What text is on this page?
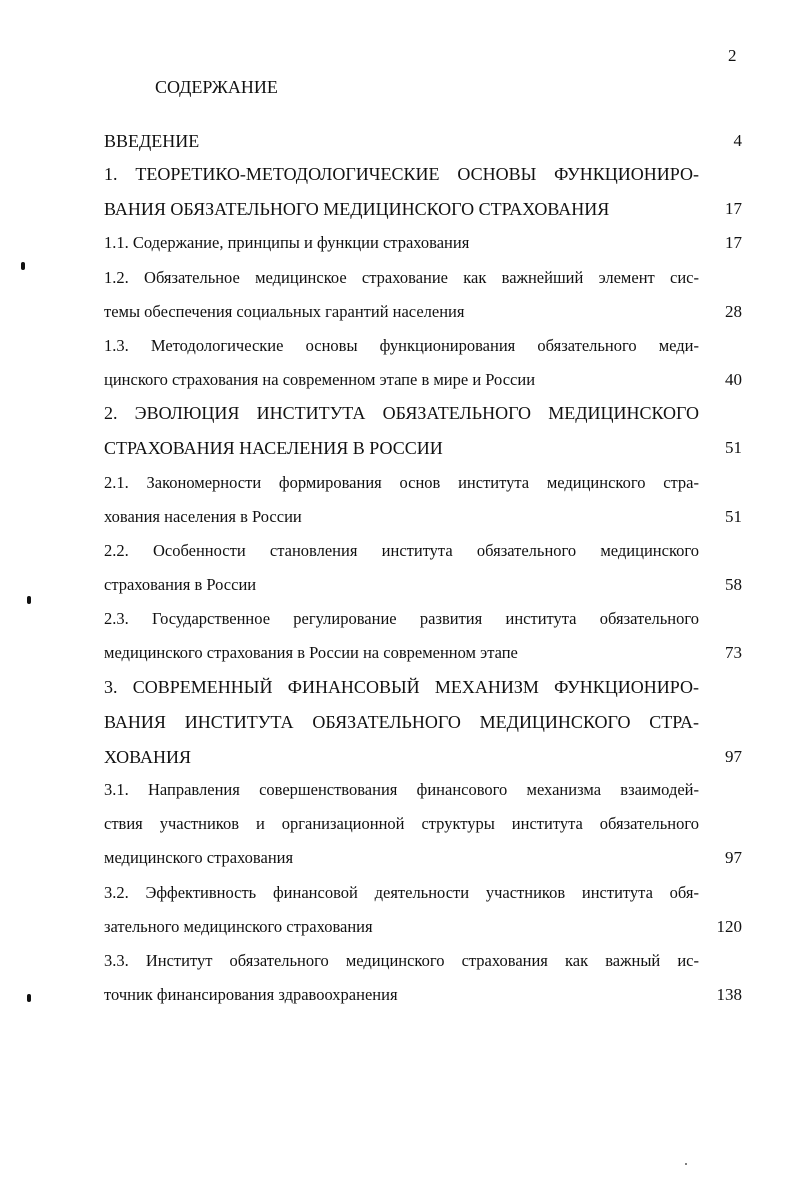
2
СОДЕРЖАНИЕ
ВВЕДЕНИЕ	4
1. ТЕОРЕТИКО-МЕТОДОЛОГИЧЕСКИЕ ОСНОВЫ ФУНКЦИОНИРО-
ВАНИЯ ОБЯЗАТЕЛЬНОГО МЕДИЦИНСКОГО СТРАХОВАНИЯ	17
1.1. Содержание, принципы и функции страхования	17
1.2. Обязательное медицинское страхование как важнейший элемент сис-
темы обеспечения социальных гарантий населения	28
1.3. Методологические основы функционирования обязательного меди-
цинского страхования на современном этапе в мире и России	40
2. ЭВОЛЮЦИЯ ИНСТИТУТА ОБЯЗАТЕЛЬНОГО МЕДИЦИНСКОГО
СТРАХОВАНИЯ НАСЕЛЕНИЯ В РОССИИ	51
2.1. Закономерности формирования основ института медицинского стра-
хования населения в России	51
2.2. Особенности становления института обязательного медицинского
страхования в России	58
2.3. Государственное регулирование развития института обязательного
медицинского страхования в России на современном этапе	73
3. СОВРЕМЕННЫЙ ФИНАНСОВЫЙ МЕХАНИЗМ ФУНКЦИОНИРО-
ВАНИЯ ИНСТИТУТА ОБЯЗАТЕЛЬНОГО МЕДИЦИНСКОГО СТРА-
ХОВАНИЯ	97
3.1. Направления совершенствования финансового механизма взаимодей-
ствия участников и организационной структуры института обязательного
медицинского страхования	97
3.2. Эффективность финансовой деятельности участников института обя-
зательного медицинского страхования	120
3.3. Институт обязательного медицинского страхования как важный ис-
точник финансирования здравоохранения	138
